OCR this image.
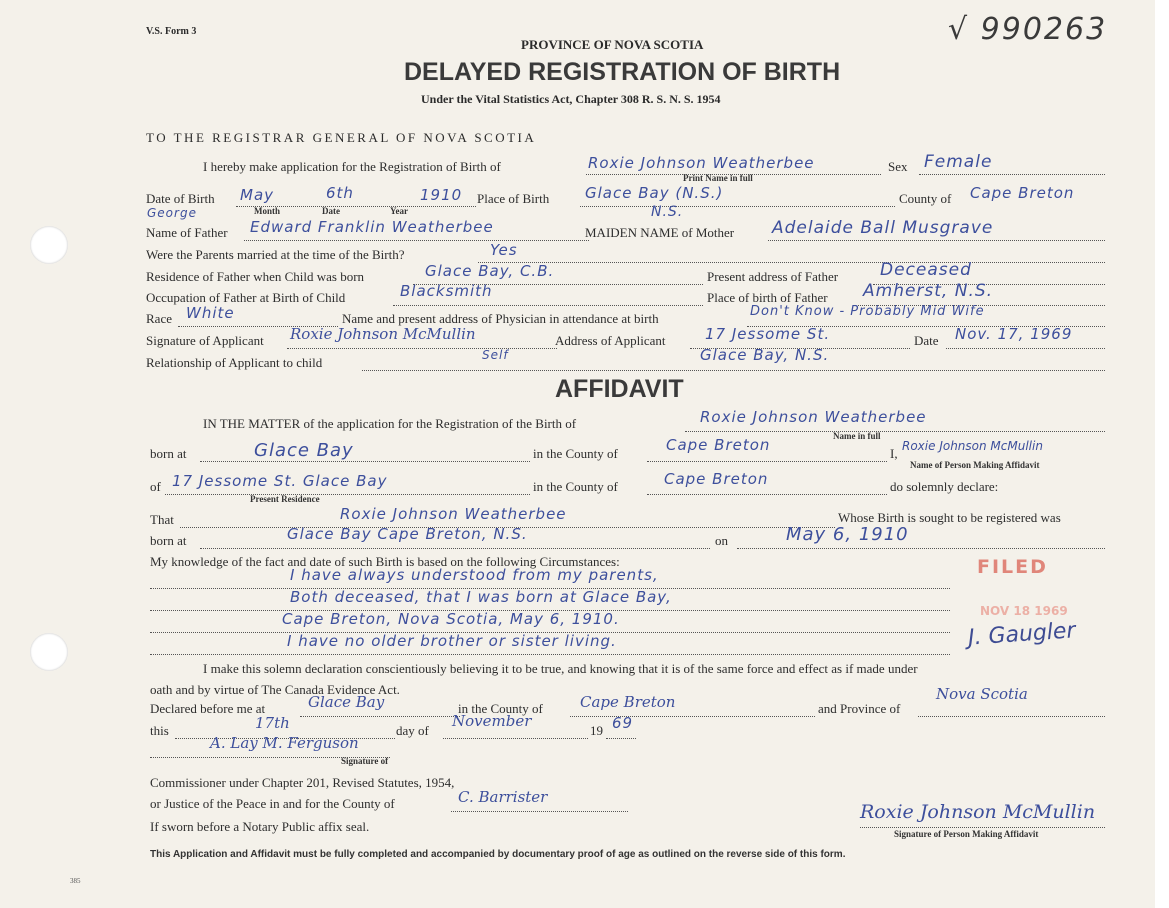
V.S. Form 3
PROVINCE OF NOVA SCOTIA
DELAYED REGISTRATION OF BIRTH
Under the Vital Statistics Act, Chapter 308 R. S. N. S. 1954
√ 990263
TO THE REGISTRAR GENERAL OF NOVA SCOTIA
I hereby make application for the Registration of Birth of	Roxie Johnson Weatherbee
Print Name in full
Sex Female
Date of Birth May	6th	1910
Month	Date	Year
Place of Birth Glace Bay (N.S.)
N.S.
County of Cape Breton
George
Name of Father Edward Franklin Weatherbee	MAIDEN NAME of Mother Adelaide Ball Musgrave
Were the Parents married at the time of the Birth?	Yes
Residence of Father when Child was born	Glace Bay, C.B.	Present address of Father Deceased
Occupation of Father at Birth of Child	Blacksmith	Place of birth of Father Amherst, N.S.
Race White	Name and present address of Physician in attendance at birth	Don't Know - Probably Mid Wife
Signature of Applicant Roxie Johnson McMullin	Address of Applicant	17 Jessome St.	Date Nov. 17, 1969
Relationship of Applicant to child	Self	Glace Bay, N.S.
AFFIDAVIT
IN THE MATTER of the application for the Registration of the Birth of	Roxie Johnson Weatherbee
Name in full
born at	Glace Bay	in the County of	Cape Breton	I, Roxie Johnson McMullin
Name of Person Making Affidavit
of 17 Jessome St. Glace Bay
Present Residence
in the County of	Cape Breton	do solemnly declare:
That	Roxie Johnson Weatherbee	Whose Birth is sought to be registered was
born at	Glace Bay Cape Breton, N.S.	on	May 6, 1910
My knowledge of the fact and date of such Birth is based on the following Circumstances:
I have always understood from my parents,
Both deceased, that I was born at Glace Bay,
Cape Breton, Nova Scotia, May 6, 1910.
I have no older brother or sister living.
FILED
NOV 18 1969
J. Gaugler
I make this solemn declaration conscientiously believing it to be true, and knowing that it is of the same force and effect as if made under
oath and by virtue of The Canada Evidence Act.
Declared before me at	Glace Bay	in the County of Cape Breton	and Province of
Nova Scotia
this	17th	day of
November
19 69
A. Lay M. Ferguson
Signature of
Commissioner under Chapter 201, Revised Statutes, 1954,
or Justice of the Peace in and for the County of	C. Barrister
If sworn before a Notary Public affix seal.
Roxie Johnson McMullin
Signature of Person Making Affidavit
This Application and Affidavit must be fully completed and accompanied by documentary proof of age as outlined on the reverse side of this form.
385
